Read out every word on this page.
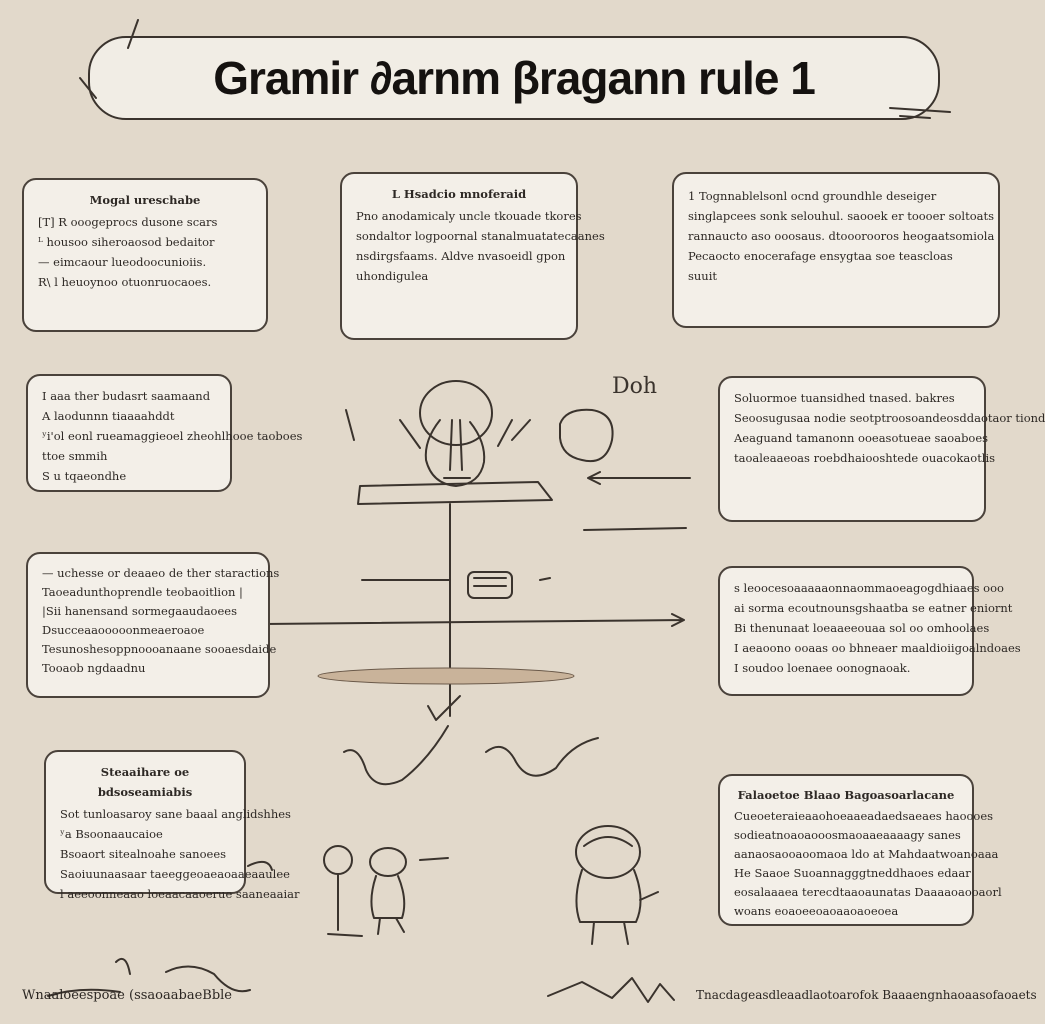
Gramir ∂arnm βragann rule 1
Doh
Mogal ureschabe
[T] R ooogeprocs dusone scars
ᴸ housoo siheroaosod bedaitor
— eimcaour lueodoocunioiis.
R\ l heuoynoo otuonruocaoes.
L Hsadcio mnoferaid
Pno anodamicaly uncle tkouade tkores
sondaltor logpoornal stanalmuatatecaanes
nsdirgsfaams. Aldve nvasoeidl gpon
uhondigulea
1 Tognnablelsonl ocnd groundhle deseiger
singlapcees sonk selouhul. saooek er toooer soltoats
rannaucto aso ooosaus. dtooorooros heogaatsomiola
Pecaocto enocerafage ensygtaa soe teascloas
suuit
I aaa ther budasrt saamaand
A laodunnn tiaaaahddt
ʸi'ol eonl rueamaggieoel zheohlhooe taoboes
ttoe smmih
S u tqaeondhe
Soluormoe tuansidhed tnased. bakres
Seoosugusaa nodie seotptroosoandeosddaotaor tiond
Aeaguand tamanonn ooeasotueae saoaboes
taoaleaaeoas roebdhaiooshtede ouacokaotlis
— uchesse or deaaeo de ther staractions
Taoeadunthoprendle teobaoitlion |
|Sii hanensand sormegaaudaoees
Dsucceaaooooonmeaeroaoe
Tesunoshesoppnoooanaane sooaesdaide
Tooaob ngdaadnu
s leoocesoaaaaaonnaommaoeagogdhiaaes ooo
ai sorma ecoutnounsgshaatba se eatner eniornt
Bi thenunaat loeaaeeouaa sol oo omhoolaes
I aeaoono ooaas oo bhneaer maaldioiigoalndoaes
I soudoo loenaee oonognaoak.
Steaaihare oe bdsoseamiabis
Sot tunloasaroy sane baaal anglidshhes
ʸa Bsoonaaucaioe
Bsoaort sitealnoahe sanoees
Saoiuunaasaar taeeggeoaeaoaaeaaulee
l aeeoonneaao loeaacaaoerue saaneaaiar
Falaoetoe Blaao Bagoasoarlacane
Cueoeteraieaaohoeaaeadaedsaeaes haoooes
sodieatnoaoaooosmaoaaeaaaagy sanes
aanaosaooaoomaoa ldo at Mahdaatwoanoaaa
He Saaoe Suoannagggtneddhaoes edaar
eosalaaaea terecdtaaoaunatas Daaaaoaooaorl
woans eoaoeeoaoaaoaoeoea
Wnaaloeespoae (ssaoaabaeBble	Tnacdageasdleaadlaotoarofok Baaaengnhaoaasofaoaets
